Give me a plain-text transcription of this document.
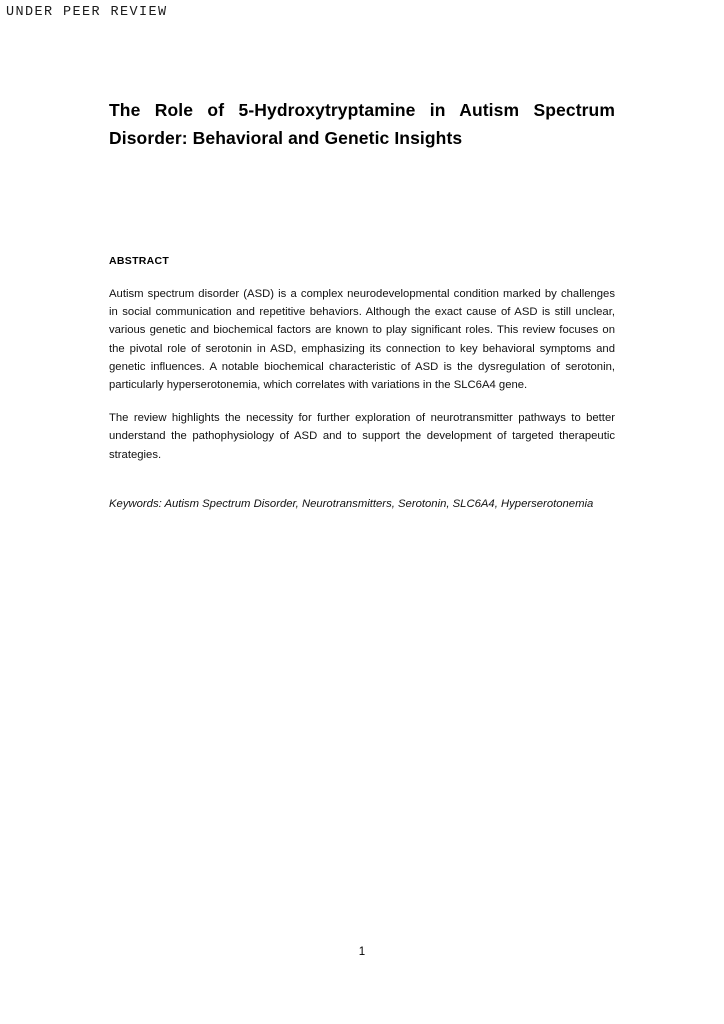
UNDER PEER REVIEW
The Role of 5-Hydroxytryptamine in Autism Spectrum Disorder: Behavioral and Genetic Insights
ABSTRACT

Autism spectrum disorder (ASD) is a complex neurodevelopmental condition marked by challenges in social communication and repetitive behaviors. Although the exact cause of ASD is still unclear, various genetic and biochemical factors are known to play significant roles. This review focuses on the pivotal role of serotonin in ASD, emphasizing its connection to key behavioral symptoms and genetic influences. A notable biochemical characteristic of ASD is the dysregulation of serotonin, particularly hyperserotonemia, which correlates with variations in the SLC6A4 gene.

The review highlights the necessity for further exploration of neurotransmitter pathways to better understand the pathophysiology of ASD and to support the development of targeted therapeutic strategies.

Keywords: Autism Spectrum Disorder, Neurotransmitters, Serotonin, SLC6A4, Hyperserotonemia

1
